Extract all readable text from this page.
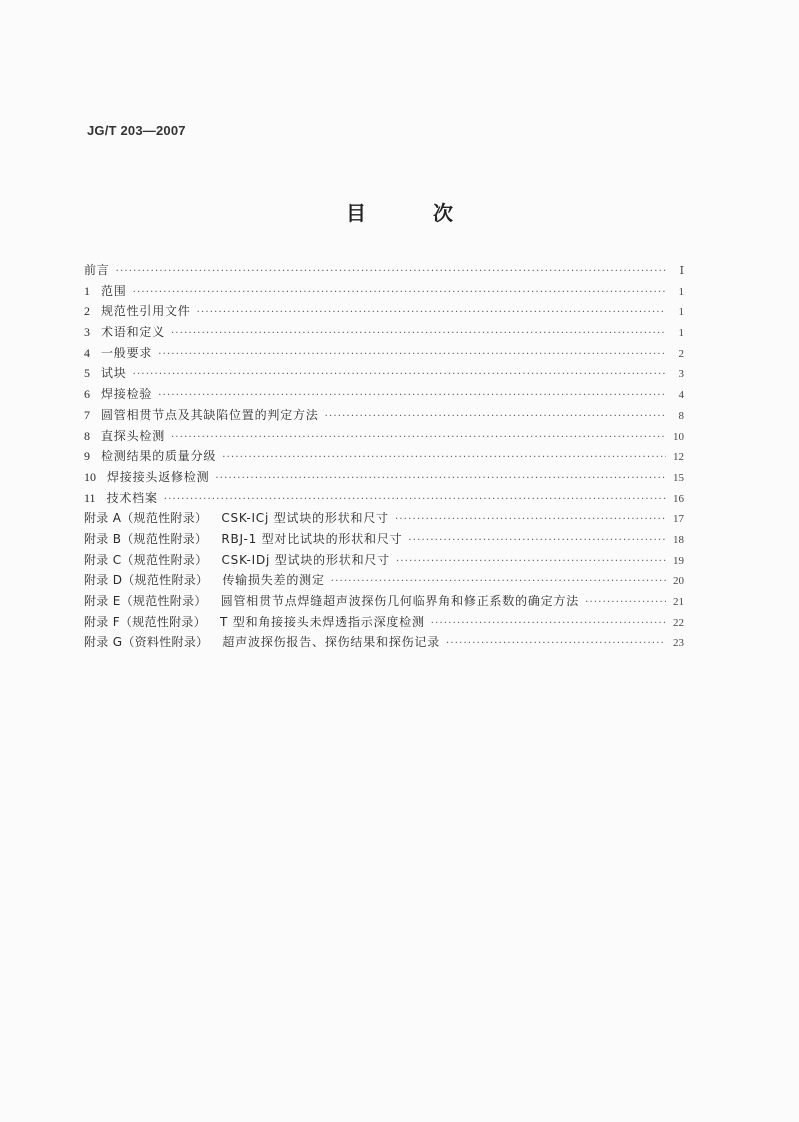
JG/T 203—2007
目 次
前言 ·····	Ⅰ
1 范围 ·····	1
2 规范性引用文件 ·····	1
3 术语和定义 ·····	1
4 一般要求 ·····	2
5 试块 ·····	3
6 焊接检验 ·····	4
7 圆管相贯节点及其缺陷位置的判定方法 ·····	8
8 直探头检测 ·····	10
9 检测结果的质量分级 ·····	12
10 焊接接头返修检测 ·····	15
11 技术档案 ·····	16
附录 A（规范性附录） CSK-ⅠCj 型试块的形状和尺寸 ·····	17
附录 B（规范性附录） RBJ-1 型对比试块的形状和尺寸 ·····	18
附录 C（规范性附录） CSK-ⅠDj 型试块的形状和尺寸 ·····	19
附录 D（规范性附录） 传输损失差的测定 ·····	20
附录 E（规范性附录） 圆管相贯节点焊缝超声波探伤几何临界角和修正系数的确定方法 ·····	21
附录 F（规范性附录） T 型和角接接头未焊透指示深度检测 ·····	22
附录 G（资料性附录） 超声波探伤报告、探伤结果和探伤记录 ·····	23
